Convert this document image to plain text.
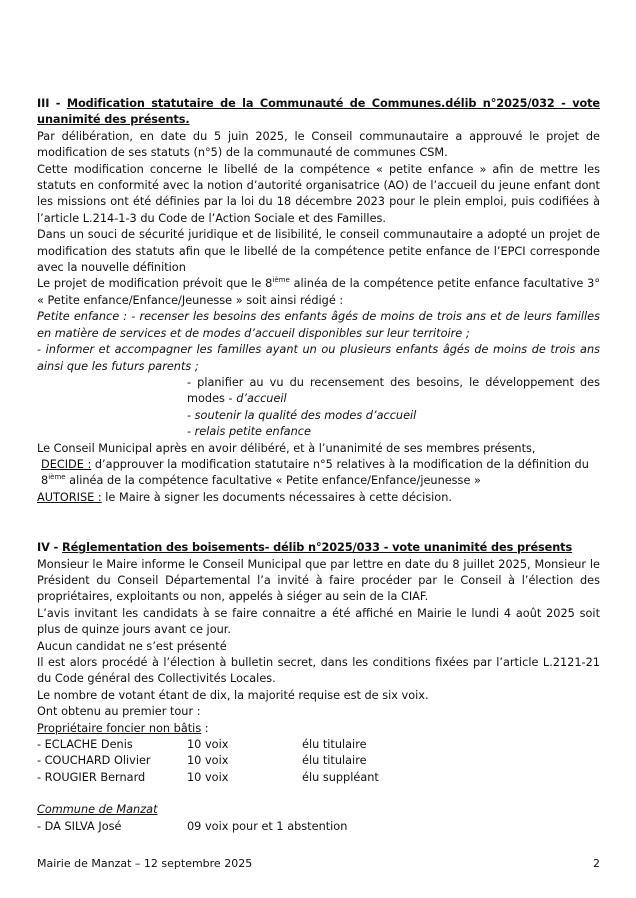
III - Modification statutaire de la Communauté de Communes.délib n°2025/032 - vote unanimité des présents.

Par délibération, en date du 5 juin 2025, le Conseil communautaire a approuvé le projet de modification de ses statuts (n°5) de la communauté de communes CSM.

Cette modification concerne le libellé de la compétence « petite enfance » afin de mettre les statuts en conformité avec la notion d’autorité organisatrice (AO) de l’accueil du jeune enfant dont les missions ont été définies par la loi du 18 décembre 2023 pour le plein emploi, puis codifiées à l’article L.214-1-3 du Code de l’Action Sociale et des Familles.

Dans un souci de sécurité juridique et de lisibilité, le conseil communautaire a adopté un projet de modification des statuts afin que le libellé de la compétence petite enfance de l’EPCI corresponde avec la nouvelle définition

Le projet de modification prévoit que le 8ième alinéa de la compétence petite enfance facultative 3° « Petite enfance/Enfance/Jeunesse » soit ainsi rédigé :

Petite enfance : - recenser les besoins des enfants âgés de moins de trois ans et de leurs familles en matière de services et de modes d’accueil disponibles sur leur territoire ;

- informer et accompagner les familles ayant un ou plusieurs enfants âgés de moins de trois ans ainsi que les futurs parents ;

- planifier au vu du recensement des besoins, le développement des modes - d’accueil

- soutenir la qualité des modes d’accueil

- relais petite enfance

Le Conseil Municipal après en avoir délibéré, et à l’unanimité de ses membres présents,

DECIDE : d’approuver la modification statutaire n°5 relatives à la modification de la définition du
8ième alinéa de la compétence facultative « Petite enfance/Enfance/jeunesse »

AUTORISE : le Maire à signer les documents nécessaires à cette décision.

IV - Réglementation des boisements- délib n°2025/033 - vote unanimité des présents

Monsieur le Maire informe le Conseil Municipal que par lettre en date du 8 juillet 2025, Monsieur le Président du Conseil Départemental l’a invité à faire procéder par le Conseil à l’élection des propriétaires, exploitants ou non, appelés à siéger au sein de la CIAF.

L’avis invitant les candidats à se faire connaitre a été affiché en Mairie le lundi 4 août 2025 soit plus de quinze jours avant ce jour.

Aucun candidat ne s’est présenté

Il est alors procédé à l’élection à bulletin secret, dans les conditions fixées par l’article L.2121-21 du Code général des Collectivités Locales.

Le nombre de votant étant de dix, la majorité requise est de six voix.

Ont obtenu au premier tour :

Propriétaire foncier non bâtis :

- ECLACHE Denis	10 voix	élu titulaire
- COUCHARD Olivier	10 voix	élu titulaire
- ROUGIER Bernard	10 voix	élu suppléant

Commune de Manzat

- DA SILVA José	09 voix pour et 1 abstention
Mairie de Manzat – 12 septembre 2025	2
